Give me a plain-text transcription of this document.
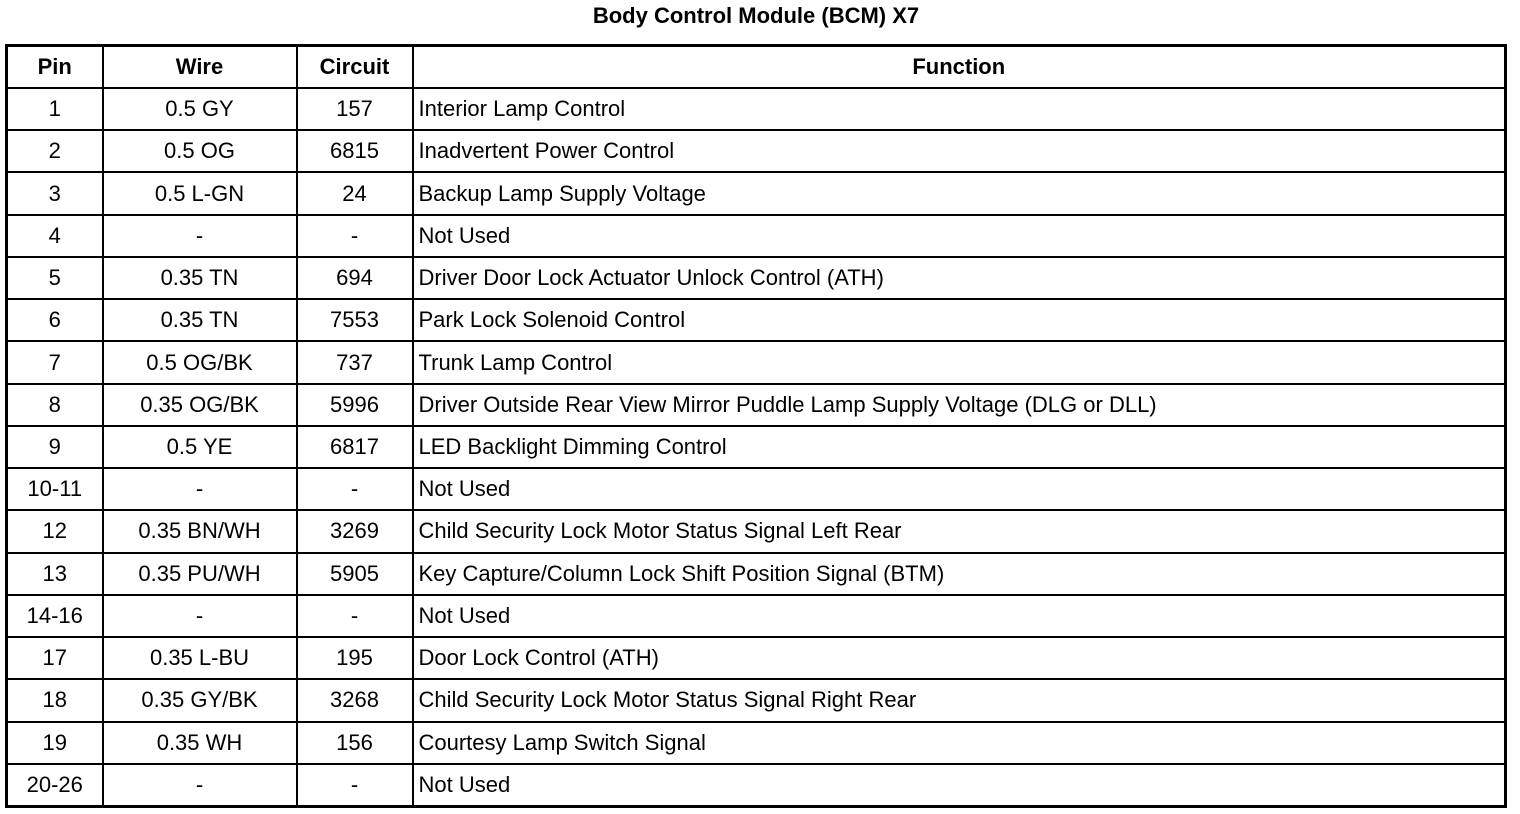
Body Control Module (BCM) X7
Pin	Wire	Circuit	Function
1	0.5 GY	157	Interior Lamp Control
2	0.5 OG	6815	Inadvertent Power Control
3	0.5 L-GN	24	Backup Lamp Supply Voltage
4	-	-	Not Used
5	0.35 TN	694	Driver Door Lock Actuator Unlock Control (ATH)
6	0.35 TN	7553	Park Lock Solenoid Control
7	0.5 OG/BK	737	Trunk Lamp Control
8	0.35 OG/BK	5996	Driver Outside Rear View Mirror Puddle Lamp Supply Voltage (DLG or DLL)
9	0.5 YE	6817	LED Backlight Dimming Control
10-11	-	-	Not Used
12	0.35 BN/WH	3269	Child Security Lock Motor Status Signal Left Rear
13	0.35 PU/WH	5905	Key Capture/Column Lock Shift Position Signal (BTM)
14-16	-	-	Not Used
17	0.35 L-BU	195	Door Lock Control (ATH)
18	0.35 GY/BK	3268	Child Security Lock Motor Status Signal Right Rear
19	0.35 WH	156	Courtesy Lamp Switch Signal
20-26	-	-	Not Used
